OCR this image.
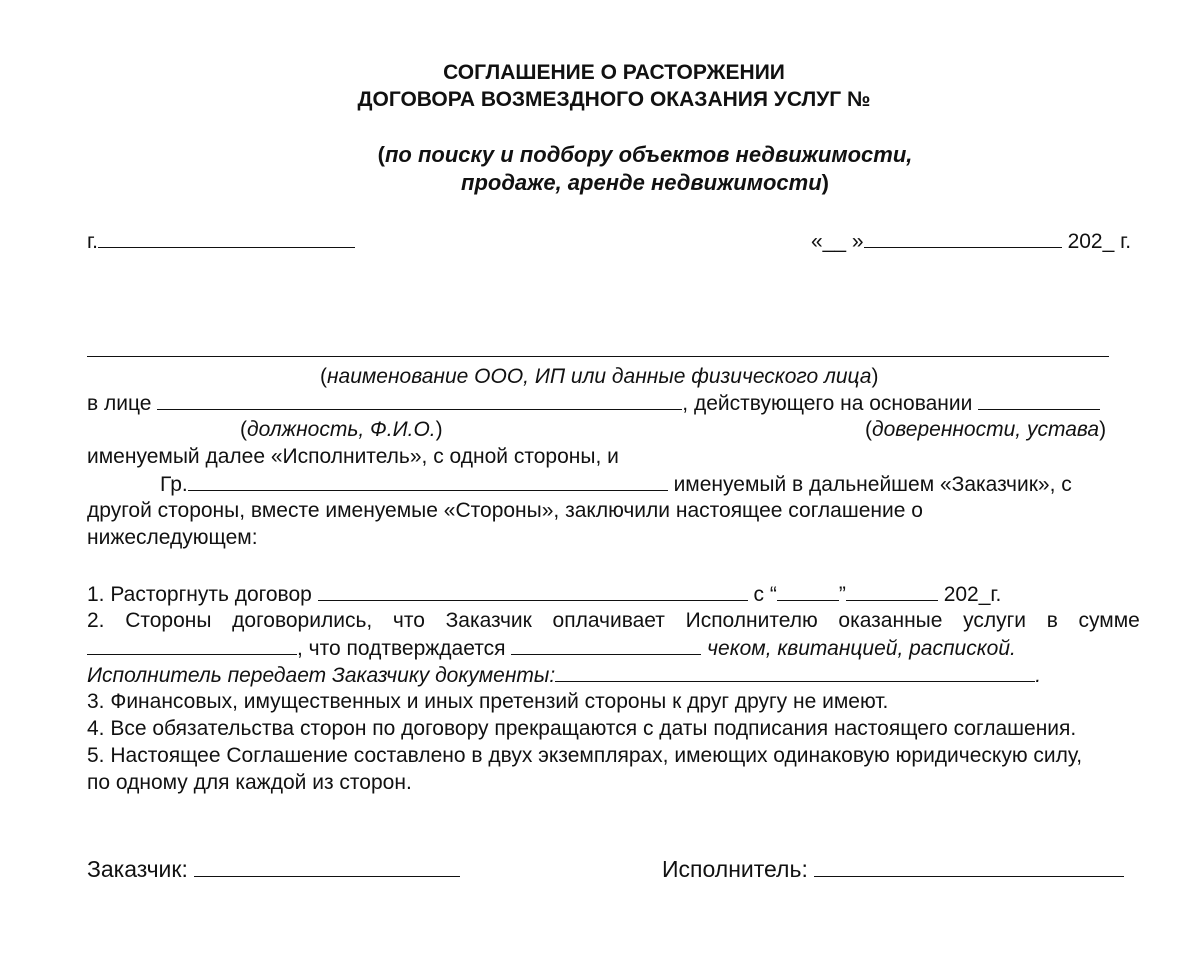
СОГЛАШЕНИЕ О РАСТОРЖЕНИИ
ДОГОВОРА ВОЗМЕЗДНОГО ОКАЗАНИЯ УСЛУГ №
(по поиску и подбору объектов недвижимости,
продаже, аренде недвижимости)
г.	«__ »	202_ г.
(наименование ООО, ИП или данные физического лица)
в лице	, действующего на основании
(должность, Ф.И.О.)	(доверенности, устава)
именуемый далее «Исполнитель», с одной стороны, и
Гр.	именуемый в дальнейшем «Заказчик», с
другой стороны, вместе именуемые «Стороны», заключили настоящее соглашение о
нижеследующем:
1. Расторгнуть договор	с “	”	202_г.
2. Стороны договорились, что Заказчик оплачивает Исполнителю оказанные услуги в сумме
, что подтверждается	чеком, квитанцией, распиской.
Исполнитель передает Заказчику документы:	.
3. Финансовых, имущественных и иных претензий стороны к друг другу не имеют.
4. Все обязательства сторон по договору прекращаются с даты подписания настоящего соглашения.
5. Настоящее Соглашение составлено в двух экземплярах, имеющих одинаковую юридическую силу,
по одному для каждой из сторон.
Заказчик:	Исполнитель:
